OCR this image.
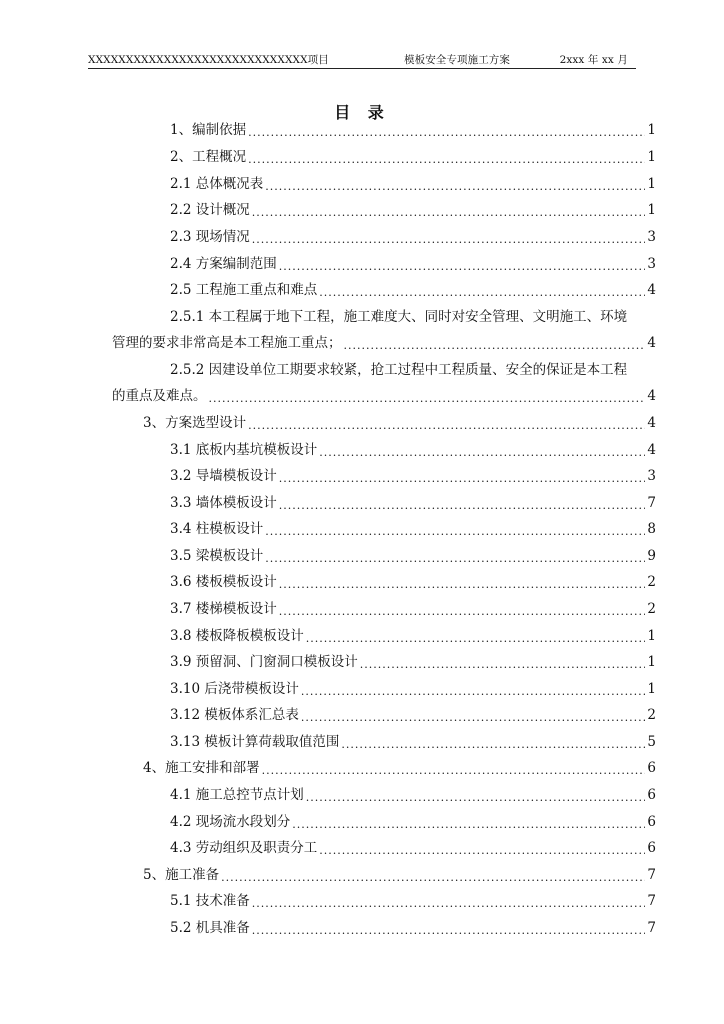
XXXXXXXXXXXXXXXXXXXXXXXXXXXXX项目	模板安全专项施工方案	2xxx 年 xx 月
目 录
1、编制依据 .....	1
2、工程概况 .....	1
2.1 总体概况表 .....	1
2.2 设计概况 .....	1
2.3 现场情况 .....	3
2.4 方案编制范围 .....	3
2.5 工程施工重点和难点 .....	4
2.5.1 本工程属于地下工程，施工难度大、同时对安全管理、文明施工、环境
管理的要求非常高是本工程施工重点； .....	4
2.5.2 因建设单位工期要求较紧，抢工过程中工程质量、安全的保证是本工程
的重点及难点。 .....	4
3、方案选型设计 .....	4
3.1 底板内基坑模板设计 .....	4
3.2 导墙模板设计 .....	3
3.3 墙体模板设计 .....	7
3.4 柱模板设计 .....	8
3.5 梁模板设计 .....	9
3.6 楼板模板设计 .....	2
3.7 楼梯模板设计 .....	2
3.8 楼板降板模板设计 .....	1
3.9 预留洞、门窗洞口模板设计 .....	1
3.10 后浇带模板设计 .....	1
3.12 模板体系汇总表 .....	2
3.13 模板计算荷载取值范围 .....	5
4、施工安排和部署 .....	6
4.1 施工总控节点计划 .....	6
4.2 现场流水段划分 .....	6
4.3 劳动组织及职责分工 .....	6
5、施工准备 .....	7
5.1 技术准备 .....	7
5.2 机具准备 .....	7
